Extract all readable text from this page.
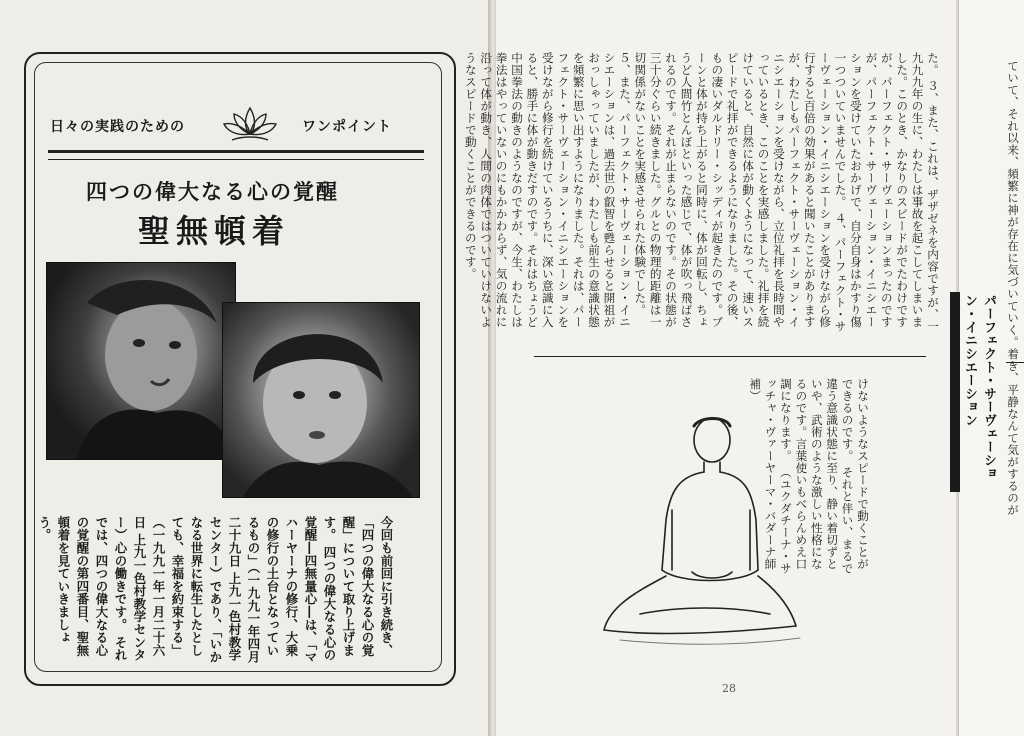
日々の実践のための	ワンポイント
四つの偉大なる心の覚醒
聖無頓着
今回も前回に引き続き、「四つの偉大なる心の覚醒」について取り上げます。 四つの偉大なる心の覚醒―四無量心―は、「マハーヤーナの修行、大乗の修行の土台となっているもの」（一九九一年四月二十九日 上九一色村教学センター）であり、「いかなる世界に転生したとしても、幸福を約束する」（一九九一年一月二十六日 上九一色村教学センター）心の働きです。 それでは、四つの偉大なる心の覚醒の第四番目、聖無頓着を見ていきましょう。
た。 ３、また、これは、ザザゼネを内容ですが、一九九九年の生に、わたしは事故を起こしてしまいました。このとき、かなりのスピードがでたわけですが、パーフェクト・サーヴェーションまったのですが、パーフェクト・サーヴェーション・イニシエーションを受けていたおかげで、自分自身はかすり傷一つついていませんでした。 ４、パーフェクト・サーヴェーション・イニシエーションを受けながら修行すると百倍の効果があると聞いたことがありますが、わたしもパーフェクト・サーヴェーション・イニシエーションを受けながら、立位礼拝を長時間やっているとき、このことを実感しました。礼拝を続けていると、自然に体が動くようになって、速いスピードで礼拝ができるようになりました。その後、もの凄いダルドリー・シッディが起きたのです。ブーンと体が持ち上がると同時に、体が回転し、ちょうど人間竹とんぼといった感じで、体が吹っ飛ばされるのです。それが止まらないのです。その状態が三十分ぐらい続きました。グルとの物理的距離は一切関係がないことを実感させられた体験でした。 ５、また、パーフェクト・サーヴェーション・イニシエーションは、過去世の叡智を甦らせると開祖がおっしゃっていましたが、わたしも前生の意識状態を頻繁に思い出すようになりました。それは、パーフェクト・サーヴェーション・イニシエーションを受けながら修行を続けているうちに、深い意識に入ると、勝手に体が動きだすのです。それはちょうど中国拳法の動きのようなのですが、今生、わたしは拳法はやっていないのにもかかわらず、気の流れに沿って体が動き、人間の肉体ではついていけないようなスピードで動くことができるのです。
けないようなスピードで動くことができるのです。 それと伴い、まるで違う意識状態に至り、静い着切ずといや、武術のような激しい性格になるのです。言葉使いもべらんめえ口調になります。 （ユクダチーナ・サッチャ・ヴァーヤーマ・バダーナ師補）
28
ていて、それ以来、頻繁に神が存在に気づいていく。着き、平静なんて気がするのが
パーフェクト・サーヴェーション・イニシエーション
